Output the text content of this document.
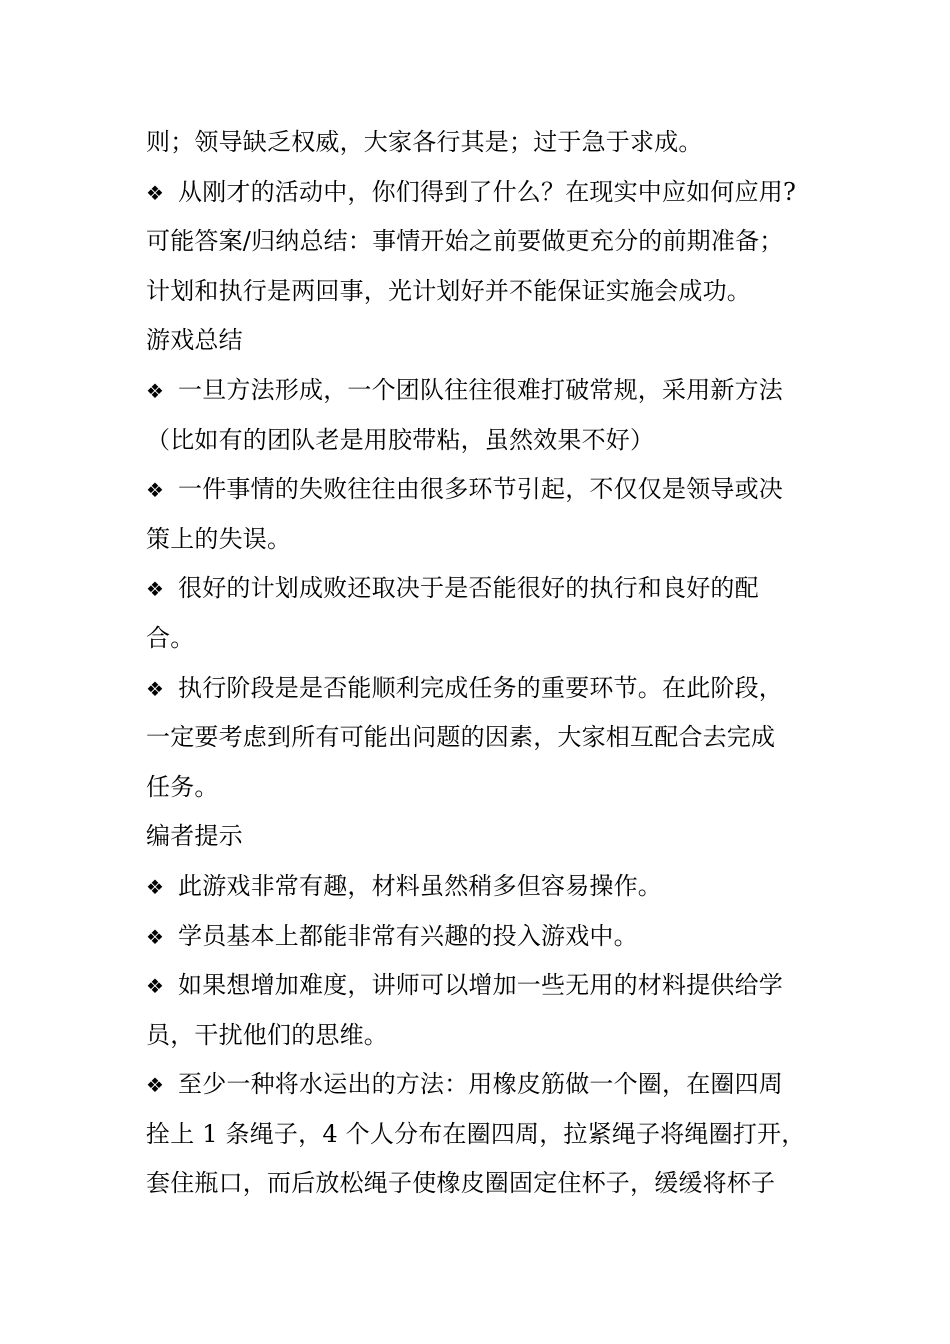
则；领导缺乏权威，大家各行其是；过于急于求成。
❖ 从刚才的活动中，你们得到了什么？在现实中应如何应用?
可能答案/归纳总结：事情开始之前要做更充分的前期准备；
计划和执行是两回事，光计划好并不能保证实施会成功。
游戏总结
❖ 一旦方法形成，一个团队往往很难打破常规，采用新方法
（比如有的团队老是用胶带粘，虽然效果不好）
❖ 一件事情的失败往往由很多环节引起，不仅仅是领导或决
策上的失误。
❖ 很好的计划成败还取决于是否能很好的执行和良好的配
合。
❖ 执行阶段是是否能顺利完成任务的重要环节。在此阶段，
一定要考虑到所有可能出问题的因素，大家相互配合去完成
任务。
编者提示
❖ 此游戏非常有趣，材料虽然稍多但容易操作。
❖ 学员基本上都能非常有兴趣的投入游戏中。
❖ 如果想增加难度，讲师可以增加一些无用的材料提供给学
员，干扰他们的思维。
❖ 至少一种将水运出的方法：用橡皮筋做一个圈，在圈四周
拴上 1 条绳子，4 个人分布在圈四周，拉紧绳子将绳圈打开，
套住瓶口，而后放松绳子使橡皮圈固定住杯子，缓缓将杯子
